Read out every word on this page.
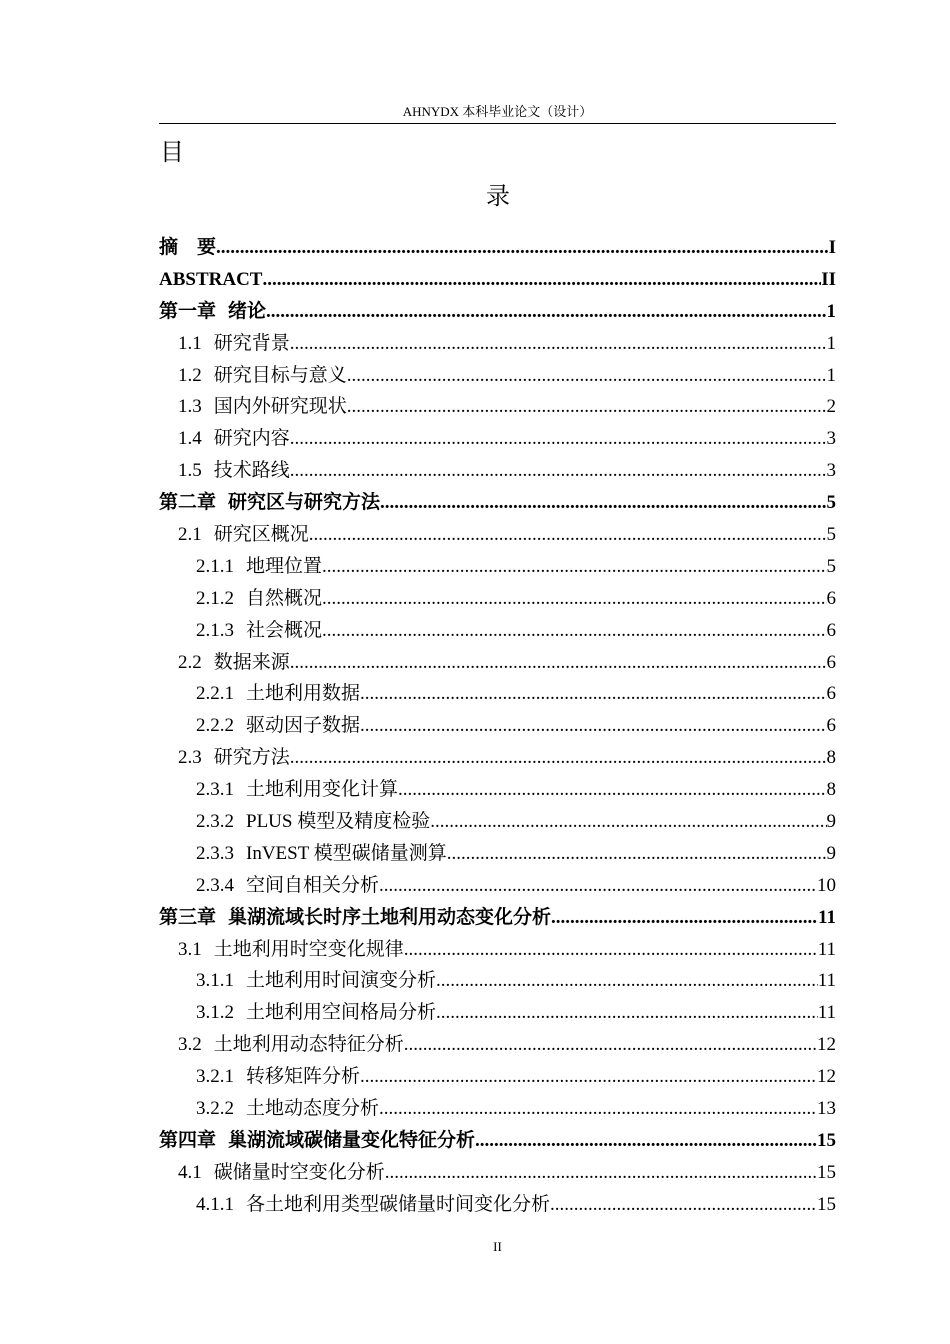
AHNYDX 本科毕业论文（设计）
目
录
摘　要 .....	I
ABSTRACT .....	II
第一章 绪论 .....	1
1.1 研究背景 .....	1
1.2 研究目标与意义 .....	1
1.3 国内外研究现状 .....	2
1.4 研究内容 .....	3
1.5 技术路线 .....	3
第二章 研究区与研究方法 .....	5
2.1 研究区概况 .....	5
2.1.1 地理位置 .....	5
2.1.2 自然概况 .....	6
2.1.3 社会概况 .....	6
2.2 数据来源 .....	6
2.2.1 土地利用数据 .....	6
2.2.2 驱动因子数据 .....	6
2.3 研究方法 .....	8
2.3.1 土地利用变化计算 .....	8
2.3.2 PLUS 模型及精度检验 .....	9
2.3.3 InVEST 模型碳储量测算 .....	9
2.3.4 空间自相关分析 .....	10
第三章 巢湖流域长时序土地利用动态变化分析 .....	11
3.1 土地利用时空变化规律 .....	11
3.1.1 土地利用时间演变分析 .....	11
3.1.2 土地利用空间格局分析 .....	11
3.2 土地利用动态特征分析 .....	12
3.2.1 转移矩阵分析 .....	12
3.2.2 土地动态度分析 .....	13
第四章 巢湖流域碳储量变化特征分析 .....	15
4.1 碳储量时空变化分析 .....	15
4.1.1 各土地利用类型碳储量时间变化分析 .....	15
II
